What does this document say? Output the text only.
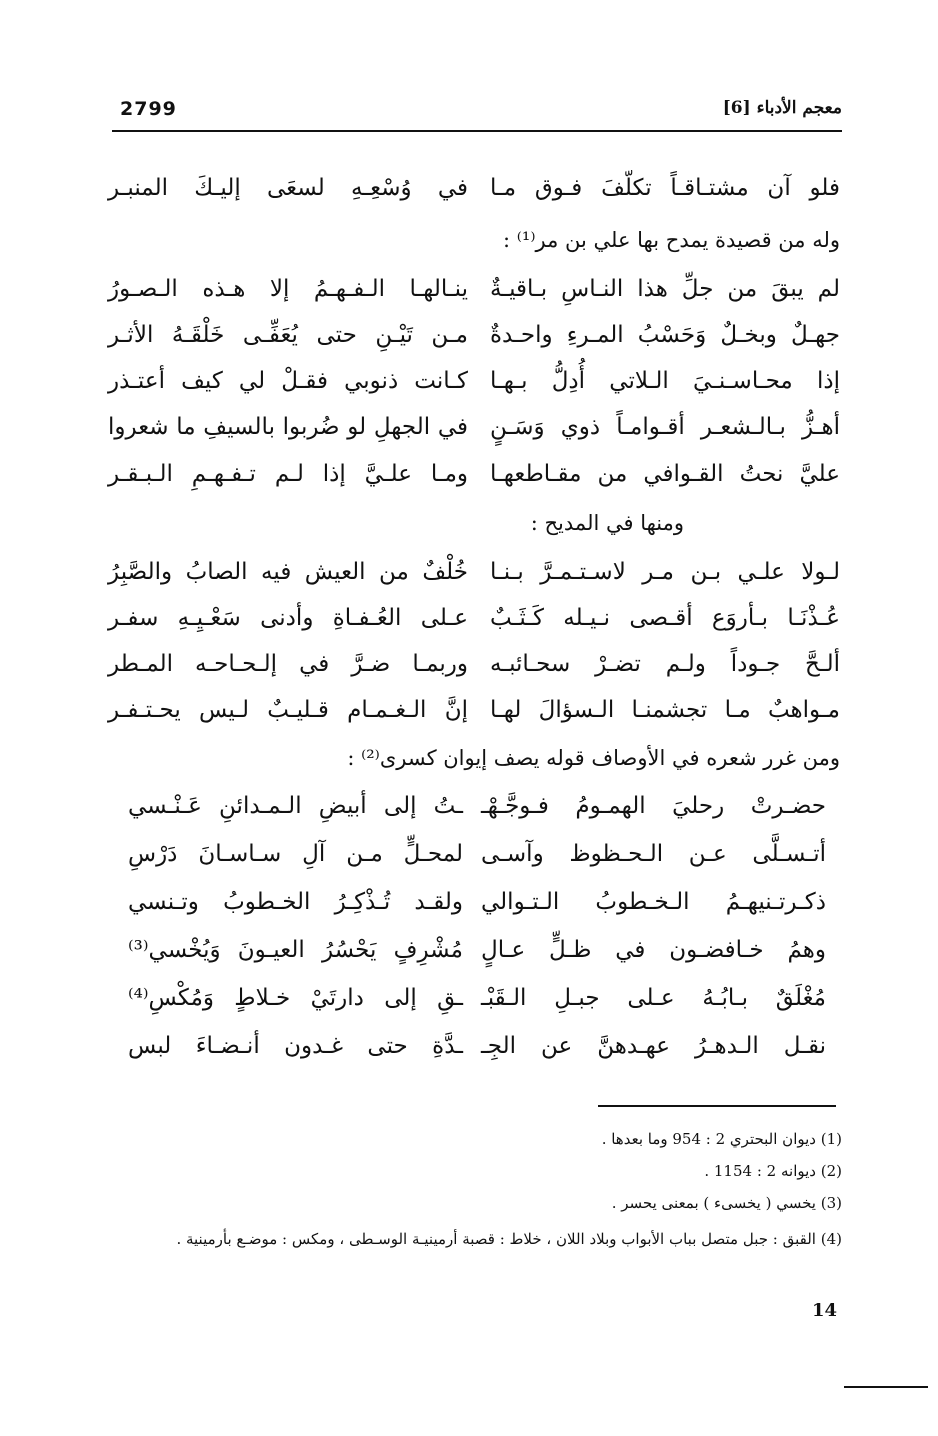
معجم الأدباء [6]
2799
فلو آن مشتـاقـاً تكلّفَ فـوق مـا
في وُسْعِـهِ لسعَى إليـكَ المنبـر
وله من قصيدة يمدح بها علي بن مر⁽¹⁾ :
لم يبقَ من جلِّ هذا النـاسِ بـاقيـةٌ
ينـالهـا الـفـهـمُ إلا هـذه الـصـورُ
جهـلٌ وبخـلٌ وَحَسْبُ المـرءِ واحـدةٌ
مـن تَيْـنِ حتى يُعَفِّـى خَلْقَـهُ الأثـر
إذا محـاسـنـيَ الـلاتي أُدِلُّ بـهـا
كـانت ذنوبي فقـلْ لي كيف أعتـذر
أهـزُّ بـالـشعـر أقـوامـاً ذوي وَسَـنٍ
في الجهلِ لو ضُربوا بالسيفِ ما شعروا
عليَّ نحتُ القـوافي من مقـاطعهـا
ومـا علـيَّ إذا لـم تـفـهـمِ الـبـقـر
ومنها في المديح :
لـولا علـي بـن مـر لاسـتـمـرَّ بـنـا
خُلْفٌ من العيش فيه الصابُ والصَّبِرُ
عُـذْنَـا بـأروَع أقـصى نـيـله كَـثَـبٌ
عـلى العُـفـاةِ وأدنى سَعْـيِـهِ سفـر
ألـحَّ جـوداً ولـم تضـرْ سحـائبـه
وربمـا ضـرَّ في إلـحـاحـه المـطر
مـواهبٌ مـا تجشمنـا الـسؤالَ لهـا
إنَّ الـغـمـام قـليـبٌ لـيس يحـتـفـر
ومن غرر شعره في الأوصاف قوله يصف إيوان كسرى⁽²⁾ :
حضـرتْ رحليَ الهمـومُ فـوجَّـهْـ
ـتُ إلى أبيضِ الـمـدائنِ عَـنْـسي
أتـسـلَّى عـن الـحـظوظ وآسـى
لمحـلٍّ مـن آلِ سـاسـانَ دَرْسِ
ذكـرتـنيهـمُ الـخـطوبُ الـتـوالي
ولقـد تُـذْكِـرُ الخـطوبُ وتـنسي
وهمُ خـافضـون في ظـلٍّ عـالٍ
مُشْرِفٍ يَحْسُرُ العيـونَ وَيُخْسي⁽³⁾
مُغْلَقٌ بـابُـهُ عـلى جبـلِ الـقَبْـ
ـقِ إلى دارتَيْ خـلاطٍ وَمُكْسِ⁽⁴⁾
نقـل الـدهـرُ عهـدهنَّ عن الجِـ
ـدَّةِ حتى غـدون أنـضـاءَ لبس
(1) ديوان البحتري 2 : 954 وما بعدها .
(2) ديوانه 2 : 1154 .
(3) يخسي ( يخسىء ) بمعنى يحسر .
(4) القبق : جبل متصل بباب الأبواب وبلاد اللان ، خلاط : قصبة أرمينيـة الوسـطى ، ومكس : موضـع بأرمينية .
14
